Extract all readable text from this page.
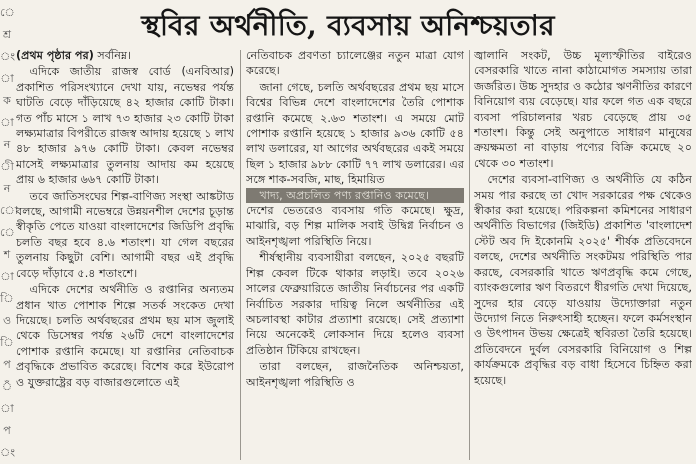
ে
শ্র
ং
া
ক
া
ন
ী
ন
ো
ে
শ
া
ি
ও
ি
প
ঁ
া
প
ং
স্থবির অর্থনীতি, ব্যবসায় অনিশ্চয়তার

(প্রথম পৃষ্ঠার পর) সর্বনিম্ন।

এদিকে জাতীয় রাজস্ব বোর্ড (এনবিআর) প্রকাশিত পরিসংখ্যানে দেখা যায়, নভেম্বর পর্যন্ত ঘাটতি বেড়ে দাঁড়িয়েছে ৪২ হাজার কোটি টাকা। গত পাঁচ মাসে ১ লাখ ৭৩ হাজার ২৩ কোটি টাকা লক্ষ্যমাত্রার বিপরীতে রাজস্ব আদায় হয়েছে ১ লাখ ৪৮ হাজার ৯৭৬ কোটি টাকা। কেবল নভেম্বর মাসেই লক্ষ্যমাত্রার তুলনায় আদায় কম হয়েছে প্রায় ৬ হাজার ৬৬৭ কোটি টাকা।

তবে জাতিসংঘের শিল্প-বাণিজ্য সংস্থা আঙ্কটাড বলছে, আগামী নভেম্বরে উন্নয়নশীল দেশের চূড়ান্ত স্বীকৃতি পেতে যাওয়া বাংলাদেশের জিডিপি প্রবৃদ্ধি চলতি বছর হবে ৪.৬ শতাংশ। যা গেল বছরের তুলনায় কিছুটা বেশি। আগামী বছর এই প্রবৃদ্ধি বেড়ে দাঁড়াবে ৫.৪ শতাংশে।

এদিকে দেশের অর্থনীতি ও রপ্তানির অন্যতম প্রধান খাত পোশাক শিল্পে সতর্ক সংকেত দেখা দিয়েছে। চলতি অর্থবছরের প্রথম ছয় মাস জুলাই থেকে ডিসেম্বর পর্যন্ত ২৬টি দেশে বাংলাদেশের পোশাক রপ্তানি কমেছে। যা রপ্তানির নেতিবাচক প্রবৃদ্ধিকে প্রভাবিত করেছে। বিশেষ করে ইউরোপ ও যুক্তরাষ্ট্রের বড় বাজারগুলোতে এই

নেতিবাচক প্রবণতা চ্যালেঞ্জের নতুন মাত্রা যোগ করেছে।

জানা গেছে, চলতি অর্থবছরের প্রথম ছয় মাসে বিশ্বের বিভিন্ন দেশে বাংলাদেশের তৈরি পোশাক রপ্তানি কমেছে ২.৬৩ শতাংশ। এ সময়ে মোট পোশাক রপ্তানি হয়েছে ১ হাজার ৯৩৬ কোটি ৫৪ লাখ ডলারের, যা আগের অর্থবছরের একই সময়ে ছিল ১ হাজার ৯৮৮ কোটি ৭৭ লাখ ডলারের। এর সঙ্গে শাক-সবজি, মাছ, হিমায়িত
খাদ্য, অপ্রচলিত পণ্য রপ্তানিও কমেছে।
দেশের ভেতরেও ব্যবসায় গতি কমেছে। ক্ষুদ্র, মাঝারি, বড় শিল্প মালিক সবাই উদ্বিগ্ন নির্বাচন ও আইনশৃঙ্খলা পরিস্থিতি নিয়ে।

শীর্ষস্থানীয় ব্যবসায়ীরা বলছেন, ২০২৫ বছরটি শিল্প কেবল টিকে থাকার লড়াই। তবে ২০২৬ সালের ফেব্রুয়ারিতে জাতীয় নির্বাচনের পর একটি নির্বাচিত সরকার দায়িত্ব নিলে অর্থনীতির এই অচলাবস্থা কাটার প্রত্যাশা রয়েছে। সেই প্রত্যাশা নিয়ে অনেকেই লোকসান দিয়ে হলেও ব্যবসা প্রতিষ্ঠান টিকিয়ে রাখছেন।

তারা বলছেন, রাজনৈতিক অনিশ্চয়তা, আইনশৃঙ্খলা পরিস্থিতি ও

জ্বালানি সংকট, উচ্চ মূল্যস্ফীতির বাইরেও বেসরকারি খাতে নানা কাঠামোগত সমস্যায় তারা জর্জরিত। উচ্চ সুদহার ও কঠোর ঋণনীতির কারণে বিনিয়োগ ব্যয় বেড়েছে। যার ফলে গত এক বছরে ব্যবসা পরিচালনার খরচ বেড়েছে প্রায় ৩৫ শতাংশ। কিন্তু সেই অনুপাতে সাধারণ মানুষের ক্রয়ক্ষমতা না বাড়ায় পণ্যের বিক্রি কমেছে ২০ থেকে ৩০ শতাংশ।

দেশের ব্যবসা-বাণিজ্য ও অর্থনীতি যে কঠিন সময় পার করছে তা খোদ সরকারের পক্ষ থেকেও স্বীকার করা হয়েছে। পরিকল্পনা কমিশনের সাধারণ অর্থনীতি বিভাগের (জিইডি) প্রকাশিত 'বাংলাদেশ স্টেট অব দি ইকোনমি ২০২৫' শীর্ষক প্রতিবেদনে বলছে, দেশের অর্থনীতি সংকটময় পরিস্থিতি পার করছে, বেসরকারি খাতে ঋণপ্রবৃদ্ধি কমে গেছে, ব্যাংকগুলোর ঋণ বিতরণে ধীরগতি দেখা দিয়েছে, সুদের হার বেড়ে যাওয়ায় উদ্যোক্তারা নতুন উদ্যোগ নিতে নিরুৎসাহী হচ্ছেন। ফলে কর্মসংস্থান ও উৎপাদন উভয় ক্ষেত্রেই স্থবিরতা তৈরি হয়েছে। প্রতিবেদনে দুর্বল বেসরকারি বিনিয়োগ ও শিল্প কার্যক্রমকে প্রবৃদ্ধির বড় বাধা হিসেবে চিহ্নিত করা হয়েছে।
